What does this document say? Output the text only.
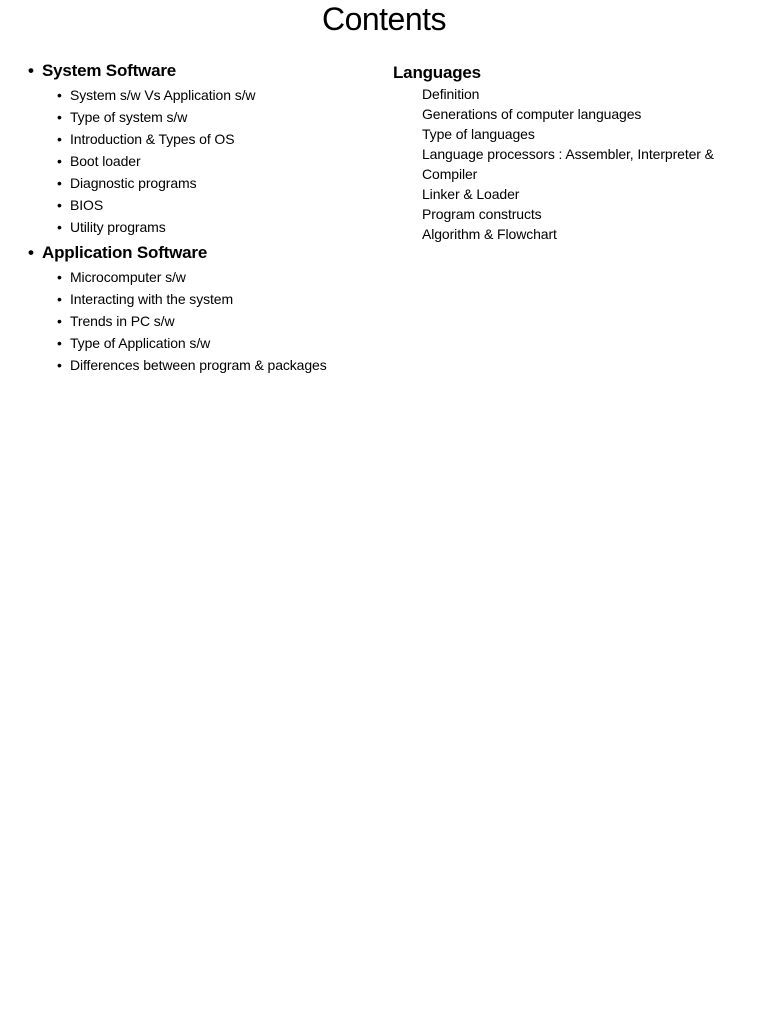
Contents
• System Software
• System s/w Vs Application s/w
• Type of system s/w
• Introduction & Types of OS
• Boot loader
• Diagnostic programs
• BIOS
• Utility programs
• Application Software
• Microcomputer s/w
• Interacting with the system
• Trends in PC s/w
• Type of Application s/w
• Differences between program & packages
Languages
Definition
Generations of computer languages
Type of languages
Language processors : Assembler, Interpreter & Compiler
Linker & Loader
Program constructs
Algorithm & Flowchart
